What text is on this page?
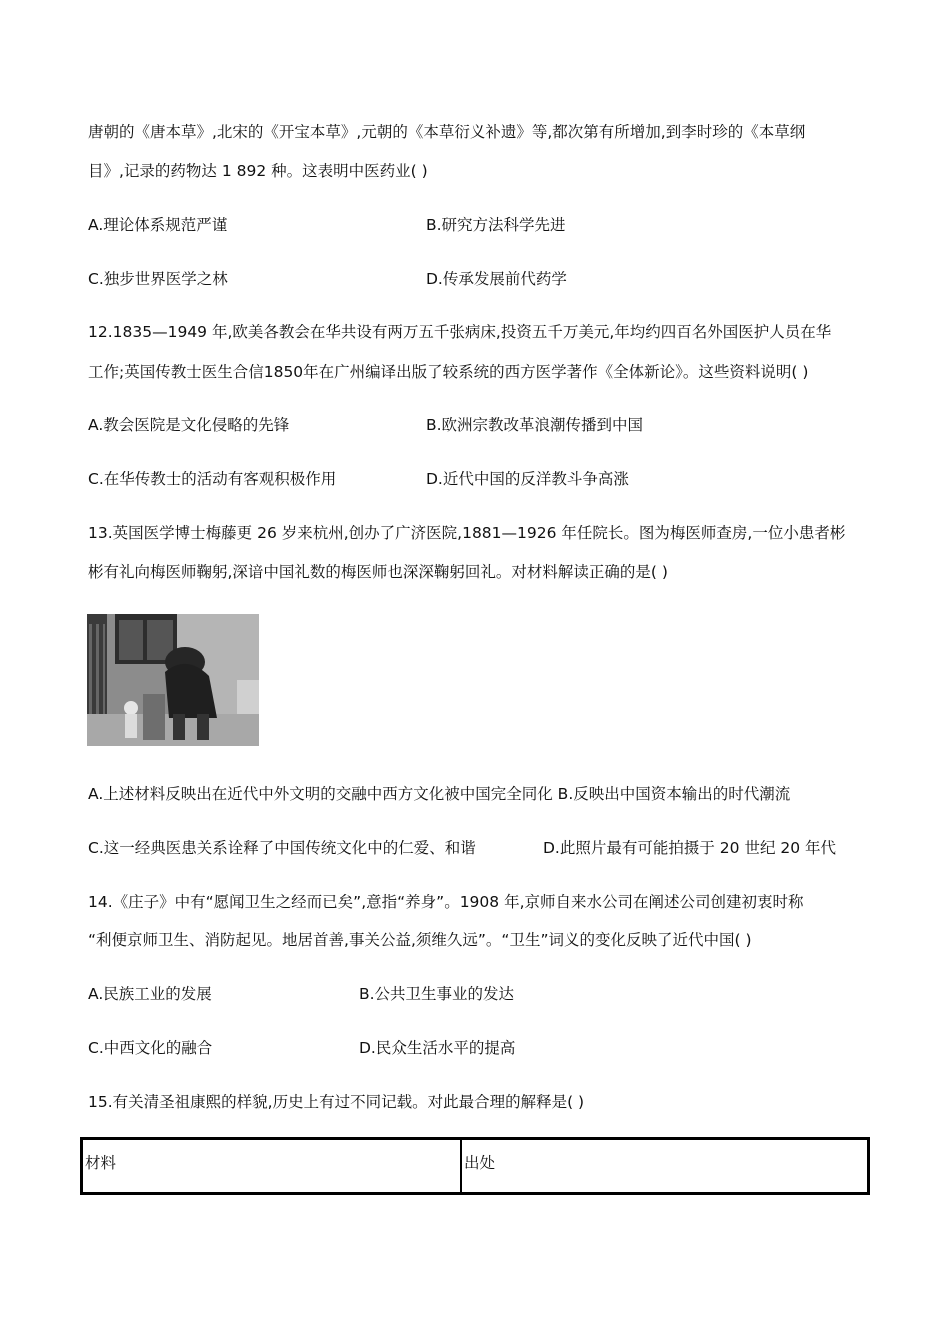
唐朝的《唐本草》,北宋的《开宝本草》,元朝的《本草衍义补遗》等,都次第有所增加,到李时珍的《本草纲
目》,记录的药物达 1 892 种。这表明中医药业( )
A.理论体系规范严谨	B.研究方法科学先进
C.独步世界医学之林	D.传承发展前代药学
12.1835—1949 年,欧美各教会在华共设有两万五千张病床,投资五千万美元,年均约四百名外国医护人员在华
工作;英国传教士医生合信1850年在广州编译出版了较系统的西方医学著作《全体新论》。这些资料说明( )
A.教会医院是文化侵略的先锋	B.欧洲宗教改革浪潮传播到中国
C.在华传教士的活动有客观积极作用	D.近代中国的反洋教斗争高涨
13.英国医学博士梅藤更 26 岁来杭州,创办了广济医院,1881—1926 年任院长。图为梅医师查房,一位小患者彬
彬有礼向梅医师鞠躬,深谙中国礼数的梅医师也深深鞠躬回礼。对材料解读正确的是( )
A.上述材料反映出在近代中外文明的交融中西方文化被中国完全同化 B.反映出中国资本输出的时代潮流
C.这一经典医患关系诠释了中国传统文化中的仁爱、和谐	D.此照片最有可能拍摄于 20 世纪 20 年代
14.《庄子》中有“愿闻卫生之经而已矣”,意指“养身”。1908 年,京师自来水公司在阐述公司创建初衷时称
“利便京师卫生、消防起见。地居首善,事关公益,须维久远”。“卫生”词义的变化反映了近代中国( )
A.民族工业的发展	B.公共卫生事业的发达
C.中西文化的融合	D.民众生活水平的提高
15.有关清圣祖康熙的样貌,历史上有过不同记载。对此最合理的解释是( )
材料	出处
